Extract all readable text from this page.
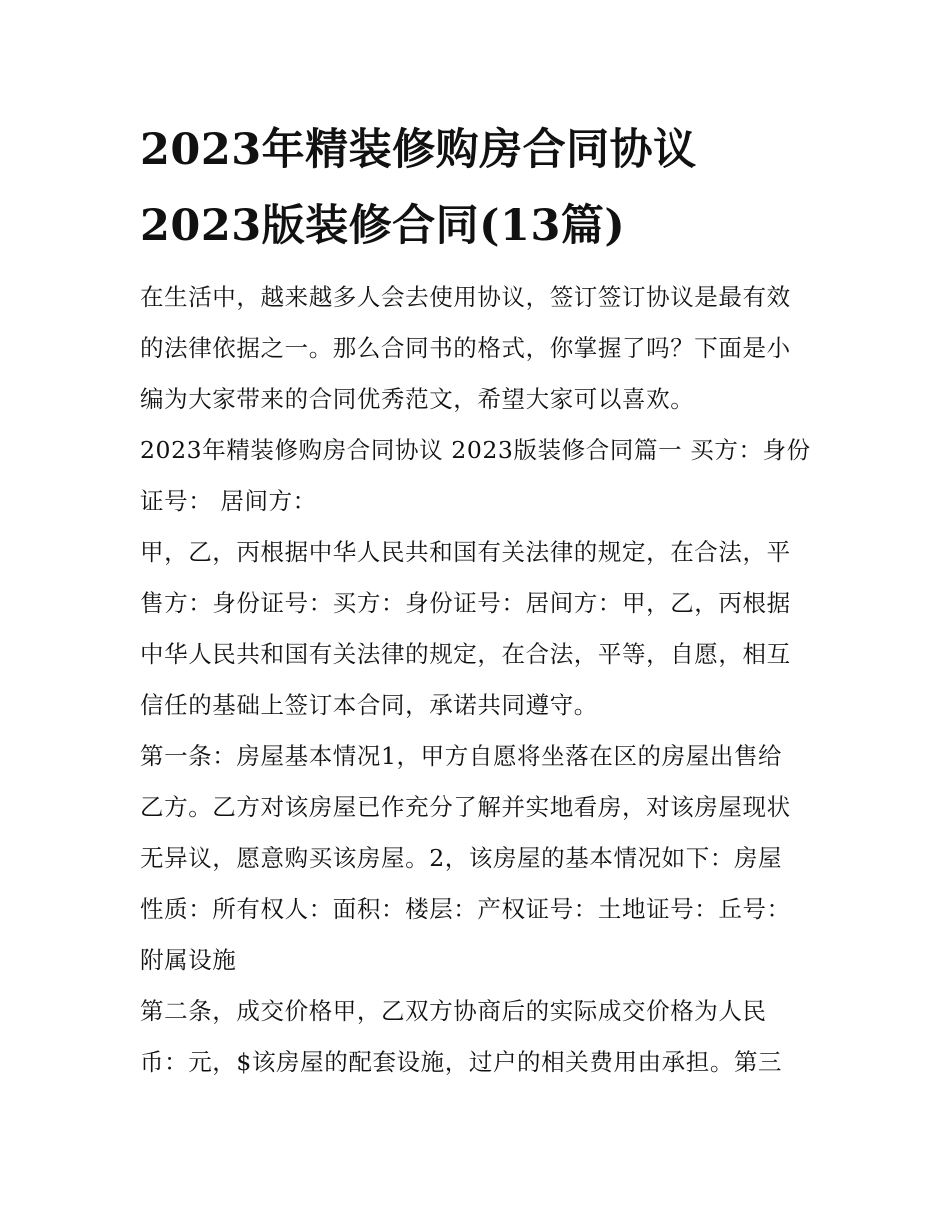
2023年精装修购房合同协议
2023版装修合同(13篇)
在生活中，越来越多人会去使用协议，签订签订协议是最有效
的法律依据之一。那么合同书的格式，你掌握了吗？下面是小
编为大家带来的合同优秀范文，希望大家可以喜欢。
2023年精装修购房合同协议 2023版装修合同篇一 买方：身份
证号： 居间方：
甲，乙，丙根据中华人民共和国有关法律的规定，在合法，平
售方：身份证号：买方：身份证号：居间方：甲，乙，丙根据
中华人民共和国有关法律的规定，在合法，平等，自愿，相互
信任的基础上签订本合同，承诺共同遵守。
第一条：房屋基本情况1，甲方自愿将坐落在区的房屋出售给
乙方。乙方对该房屋已作充分了解并实地看房，对该房屋现状
无异议，愿意购买该房屋。2，该房屋的基本情况如下：房屋
性质：所有权人：面积：楼层：产权证号：土地证号：丘号：
附属设施
第二条，成交价格甲，乙双方协商后的实际成交价格为人民
币：元，$该房屋的配套设施，过户的相关费用由承担。第三
